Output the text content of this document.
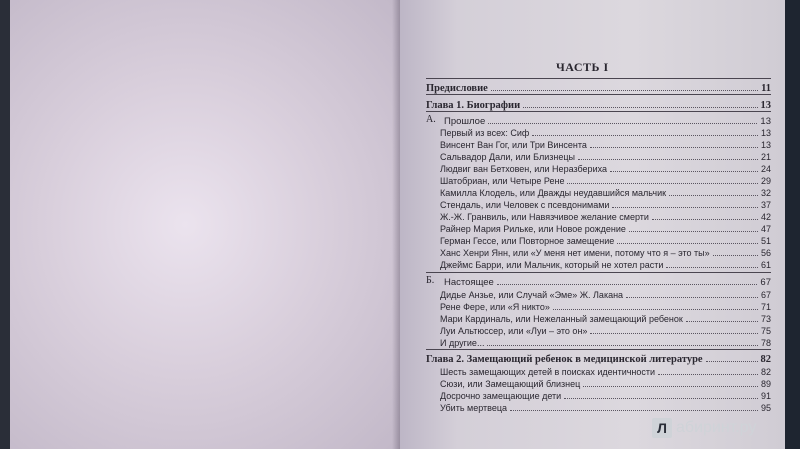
ЧАСТЬ I
Предисловие	11
Глава 1. Биографии	13
А. Прошлое	13
Первый из всех: Сиф	13
Винсент Ван Гог, или Три Винсента	13
Сальвадор Дали, или Близнецы	21
Людвиг ван Бетховен, или Неразбериха	24
Шатобриан, или Четыре Рене	29
Камилла Клодель, или Дважды неудавшийся мальчик	32
Стендаль, или Человек с псевдонимами	37
Ж.-Ж. Гранвиль, или Навязчивое желание смерти	42
Райнер Мария Рильке, или Новое рождение	47
Герман Гессе, или Повторное замещение	51
Ханс Хенри Янн, или «У меня нет имени, потому что я – это ты»	56
Джеймс Барри, или Мальчик, который не хотел расти	61
Б. Настоящее	67
Дидье Анзье, или Случай «Эме» Ж. Лакана	67
Рене Фере, или «Я никто»	71
Мари Кардиналь, или Нежеланный замещающий ребенок	73
Луи Альтюссер, или «Луи – это он»	75
И другие...	78
Глава 2. Замещающий ребенок в медицинской литературе	82
Шесть замещающих детей в поисках идентичности	82
Сюзи, или Замещающий близнец	89
Досрочно замещающие дети	91
Убить мертвеца	95
Л абиринт.ру
